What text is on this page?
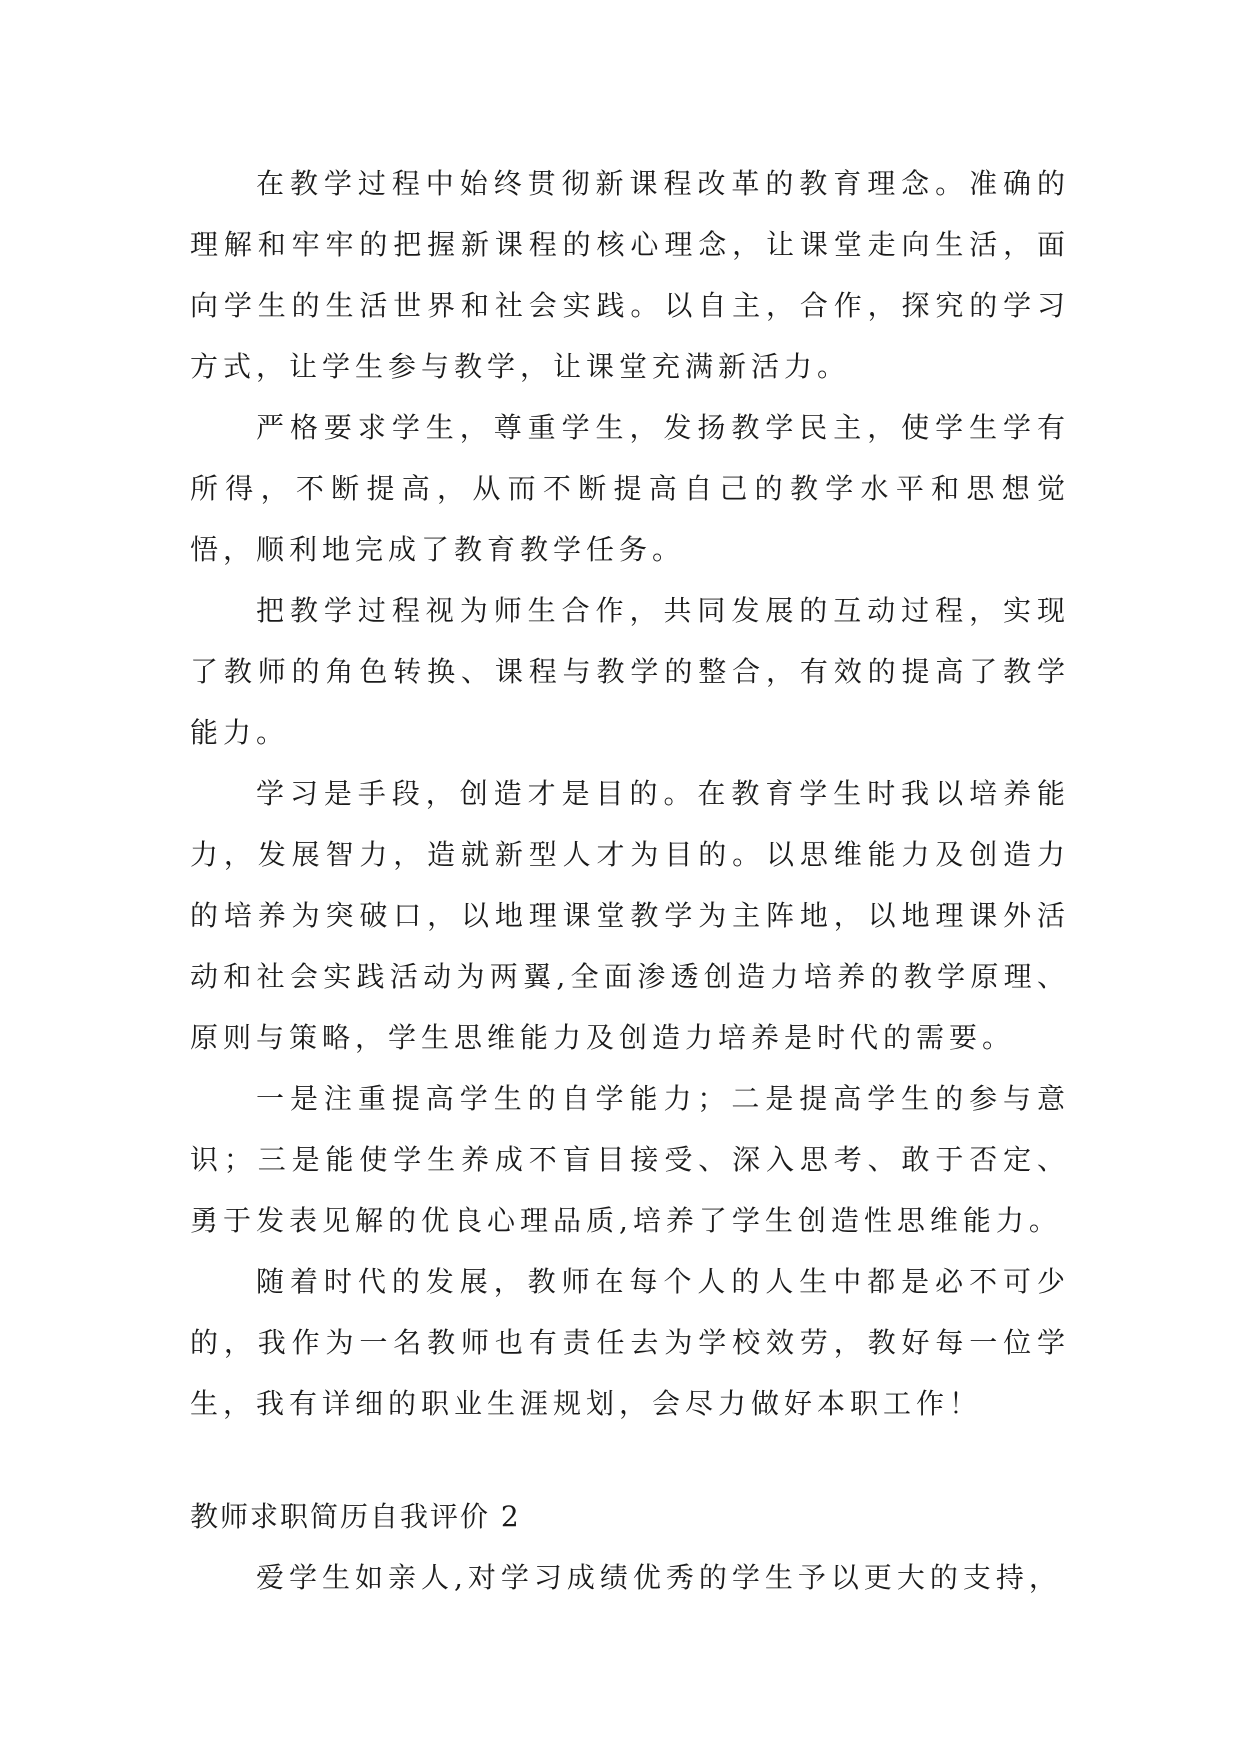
在教学过程中始终贯彻新课程改革的教育理念。准确的理解和牢牢的把握新课程的核心理念，让课堂走向生活，面向学生的生活世界和社会实践。以自主，合作，探究的学习方式，让学生参与教学，让课堂充满新活力。

严格要求学生，尊重学生，发扬教学民主，使学生学有所得，不断提高，从而不断提高自己的教学水平和思想觉悟，顺利地完成了教育教学任务。

把教学过程视为师生合作，共同发展的互动过程，实现了教师的角色转换、课程与教学的整合，有效的提高了教学能力。

学习是手段，创造才是目的。在教育学生时我以培养能力，发展智力，造就新型人才为目的。以思维能力及创造力的培养为突破口，以地理课堂教学为主阵地，以地理课外活动和社会实践活动为两翼,全面渗透创造力培养的教学原理、原则与策略，学生思维能力及创造力培养是时代的需要。

一是注重提高学生的自学能力；二是提高学生的参与意识；三是能使学生养成不盲目接受、深入思考、敢于否定、勇于发表见解的优良心理品质,培养了学生创造性思维能力。

随着时代的发展，教师在每个人的人生中都是必不可少的，我作为一名教师也有责任去为学校效劳，教好每一位学生，我有详细的职业生涯规划，会尽力做好本职工作！

教师求职简历自我评价 2

爱学生如亲人,对学习成绩优秀的学生予以更大的支持，
